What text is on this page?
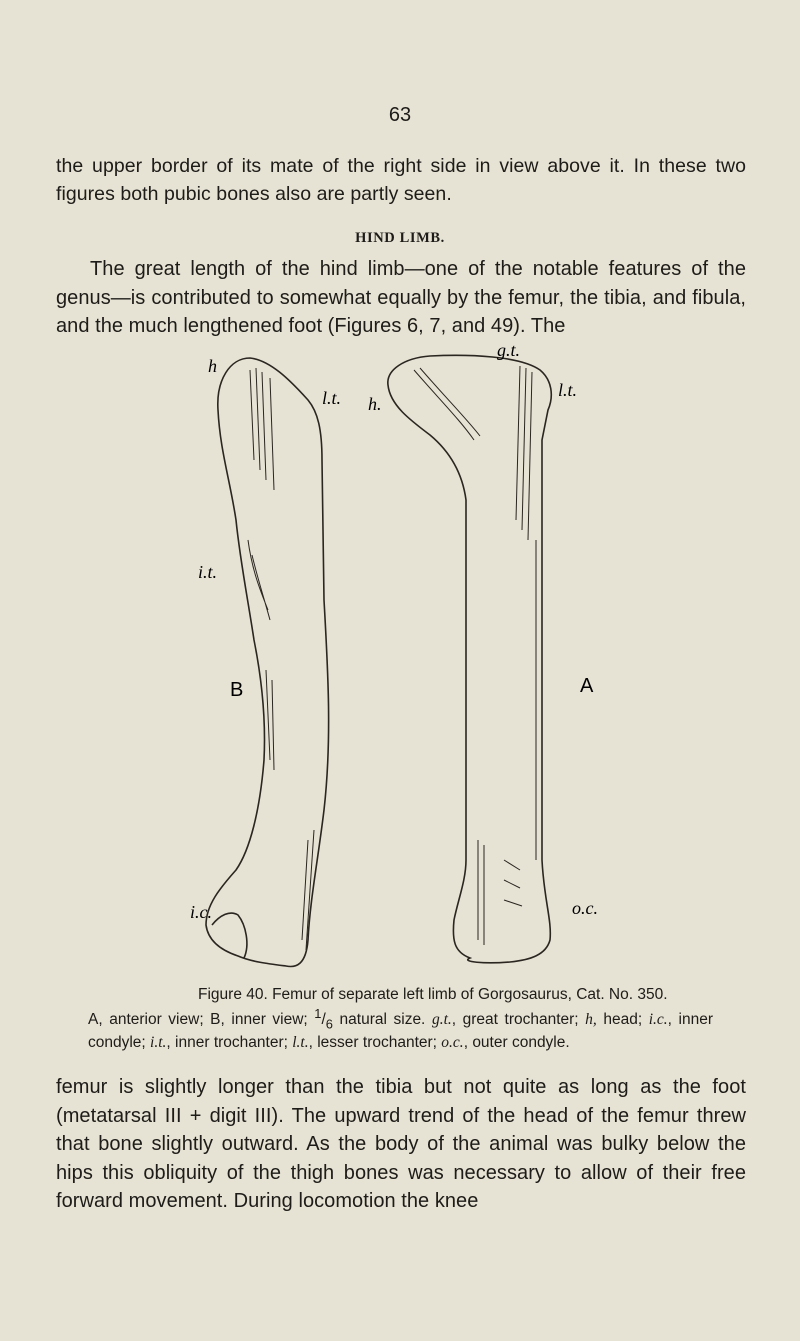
63

the upper border of its mate of the right side in view above it. In these two figures both pubic bones also are partly seen.

HIND LIMB.

The great length of the hind limb—one of the notable features of the genus—is contributed to somewhat equally by the femur, the tibia, and fibula, and the much lengthened foot (Figures 6, 7, and 49). The

B	A
h
l.t.
i.t.
i.c.
h.
g.t.
l.t.
o.c.
Figure 40. Femur of separate left limb of Gorgosaurus, Cat. No. 350.
A, anterior view; B, inner view; $^1/_6$ natural size. g.t., great trochanter; h, head; i.c., inner condyle; i.t., inner trochanter; l.t., lesser trochanter; o.c., outer condyle.

femur is slightly longer than the tibia but not quite as long as the foot (metatarsal III + digit III). The upward trend of the head of the femur threw that bone slightly outward. As the body of the animal was bulky below the hips this obliquity of the thigh bones was necessary to allow of their free forward movement. During locomotion the knee
